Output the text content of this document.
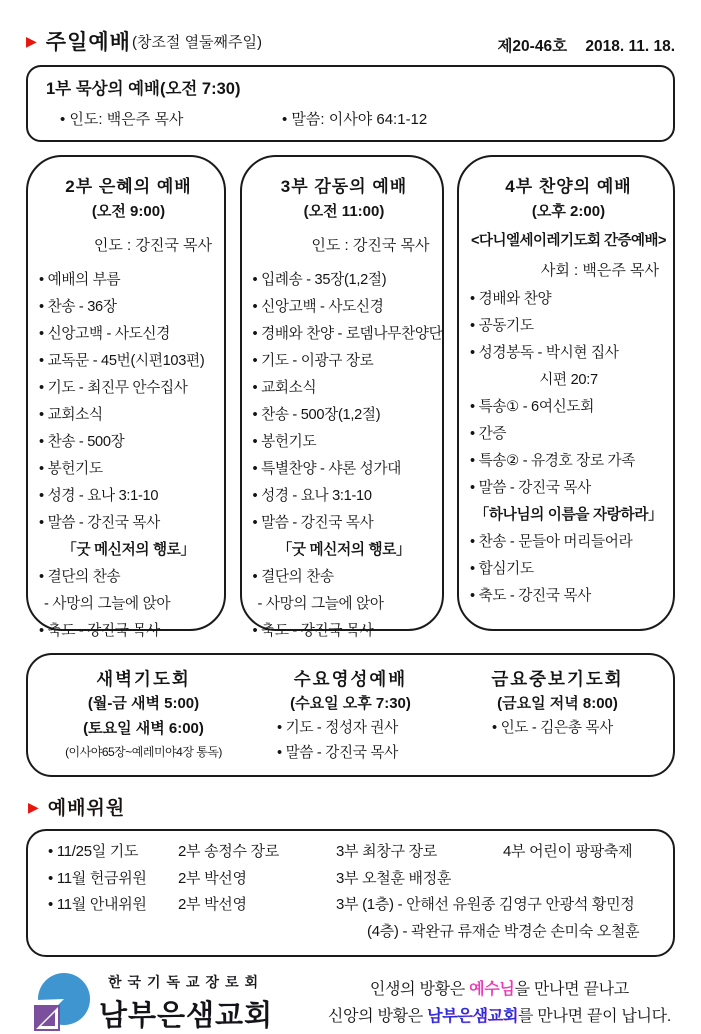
▶ 주일예배 (창조절 열둘째주일)	제20-46호 2018. 11. 18.
1부 묵상의 예배(오전 7:30)
• 인도: 백은주 목사	• 말씀: 이사야 64:1-12
2부 은혜의 예배
(오전 9:00)
인도 : 강진국 목사
• 예배의 부름
• 찬송 - 36장
• 신앙고백 - 사도신경
• 교독문 - 45번(시편103편)
• 기도 - 최진무 안수집사
• 교회소식
• 찬송 - 500장
• 봉헌기도
• 성경 - 요나 3:1-10
• 말씀 - 강진국 목사
「굿 메신저의 행로」
• 결단의 찬송
- 사망의 그늘에 앉아
• 축도 - 강진국 목사
3부 감동의 예배
(오전 11:00)
인도 : 강진국 목사
• 입례송 - 35장(1,2절)
• 신앙고백 - 사도신경
• 경배와 찬양 - 로뎀나무찬양단
• 기도 - 이광구 장로
• 교회소식
• 찬송 - 500장(1,2절)
• 봉헌기도
• 특별찬양 - 샤론 성가대
• 성경 - 요나 3:1-10
• 말씀 - 강진국 목사
「굿 메신저의 행로」
• 결단의 찬송
- 사망의 그늘에 앉아
• 축도 - 강진국 목사
4부 찬양의 예배
(오후 2:00)
<다니엘세이레기도회 간증예배>
사회 : 백은주 목사
• 경배와 찬양
• 공동기도
• 성경봉독 - 박시현 집사
시편 20:7
• 특송① - 6여신도회
• 간증
• 특송② - 유경호 장로 가족
• 말씀 - 강진국 목사
「하나님의 이름을 자랑하라」
• 찬송 - 문들아 머리들어라
• 합심기도
• 축도 - 강진국 목사
새벽기도회
(월-금 새벽 5:00)
(토요일 새벽 6:00)
(이사야65장~예레미야4장 통독)
수요영성예배
(수요일 오후 7:30)
• 기도 - 정성자 권사
• 말씀 - 강진국 목사
금요중보기도회
(금요일 저녁 8:00)
• 인도 - 김은총 목사
▶ 예배위원
• 11/25일 기도	2부 송정수 장로	3부 최창구 장로	4부 어린이 팡팡축제
• 11월 헌금위원	2부 박선영	3부 오철훈 배정훈
• 11월 안내위원	2부 박선영	3부 (1층) - 안해선 유원종 김영구 안광석 황민정
(4층) - 곽완규 류재순 박경순 손미숙 오철훈
한국기독교장로회
남부은샘교회
인생의 방황은 예수님을 만나면 끝나고
신앙의 방황은 남부은샘교회를 만나면 끝이 납니다.
